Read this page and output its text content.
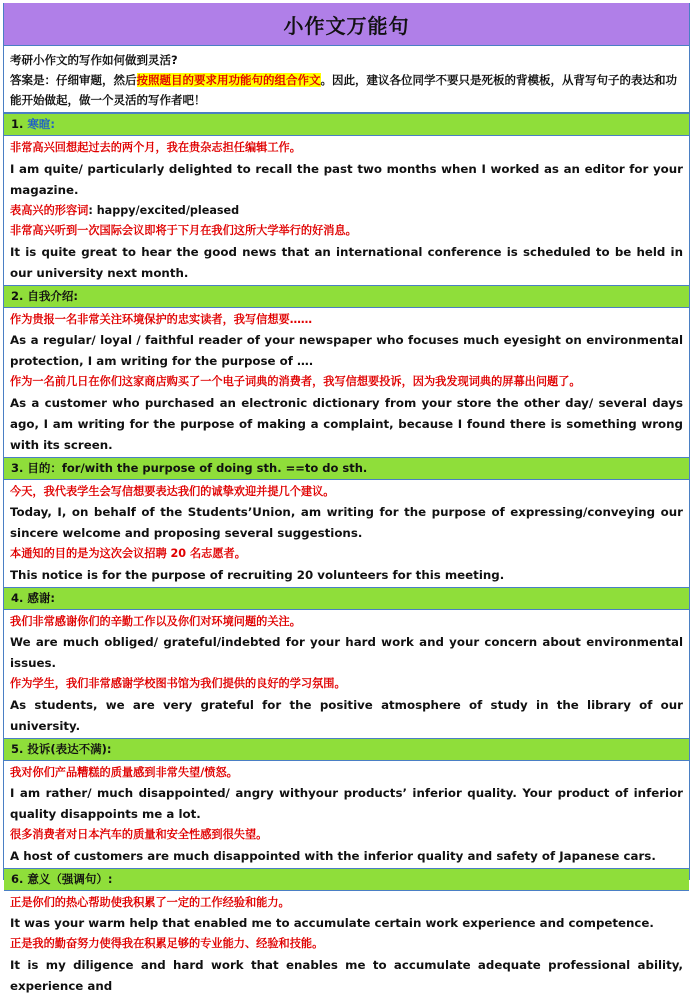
小作文万能句
考研小作文的写作如何做到灵活?
答案是：仔细审题，然后按照题目的要求用功能句的组合作文。因此，建议各位同学不要只是死板的背模板，从背写句子的表达和功能开始做起，做一个灵活的写作者吧！
1. 寒暄:
非常高兴回想起过去的两个月，我在贵杂志担任编辑工作。
I am quite/ particularly delighted to recall the past two months when I worked as an editor for your magazine.
表高兴的形容词: happy/excited/pleased
非常高兴听到一次国际会议即将于下月在我们这所大学举行的好消息。
It is quite great to hear the good news that an international conference is scheduled to be held in our university next month.
2. 自我介绍:
作为贵报一名非常关注环境保护的忠实读者，我写信想要……
As a regular/ loyal / faithful reader of your newspaper who focuses much eyesight on environmental protection, I am writing for the purpose of ….
作为一名前几日在你们这家商店购买了一个电子词典的消费者，我写信想要投诉，因为我发现词典的屏幕出问题了。
As a customer who purchased an electronic dictionary from your store the other day/ several days ago, I am writing for the purpose of making a complaint, because I found there is something wrong with its screen.
3. 目的：for/with the purpose of doing sth. ==to do sth.
今天，我代表学生会写信想要表达我们的诚挚欢迎并提几个建议。
Today, I, on behalf of the Students’Union, am writing for the purpose of expressing/conveying our sincere welcome and proposing several suggestions.
本通知的目的是为这次会议招聘 20 名志愿者。
This notice is for the purpose of recruiting 20 volunteers for this meeting.
4. 感谢:
我们非常感谢你们的辛勤工作以及你们对环境问题的关注。
We are much obliged/ grateful/indebted for your hard work and your concern about environmental issues.
作为学生，我们非常感谢学校图书馆为我们提供的良好的学习氛围。
As students, we are very grateful for the positive atmosphere of study in the library of our university.
5. 投诉(表达不满):
我对你们产品糟糕的质量感到非常失望/愤怒。
I am rather/ much disappointed/ angry withyour products’ inferior quality. Your product of inferior quality disappoints me a lot.
很多消费者对日本汽车的质量和安全性感到很失望。
A host of customers are much disappointed with the inferior quality and safety of Japanese cars.
6. 意义（强调句）:
正是你们的热心帮助使我积累了一定的工作经验和能力。
It was your warm help that enabled me to accumulate certain work experience and competence.
正是我的勤奋努力使得我在积累足够的专业能力、经验和技能。
It is my diligence and hard work that enables me to accumulate adequate professional ability, experience and
